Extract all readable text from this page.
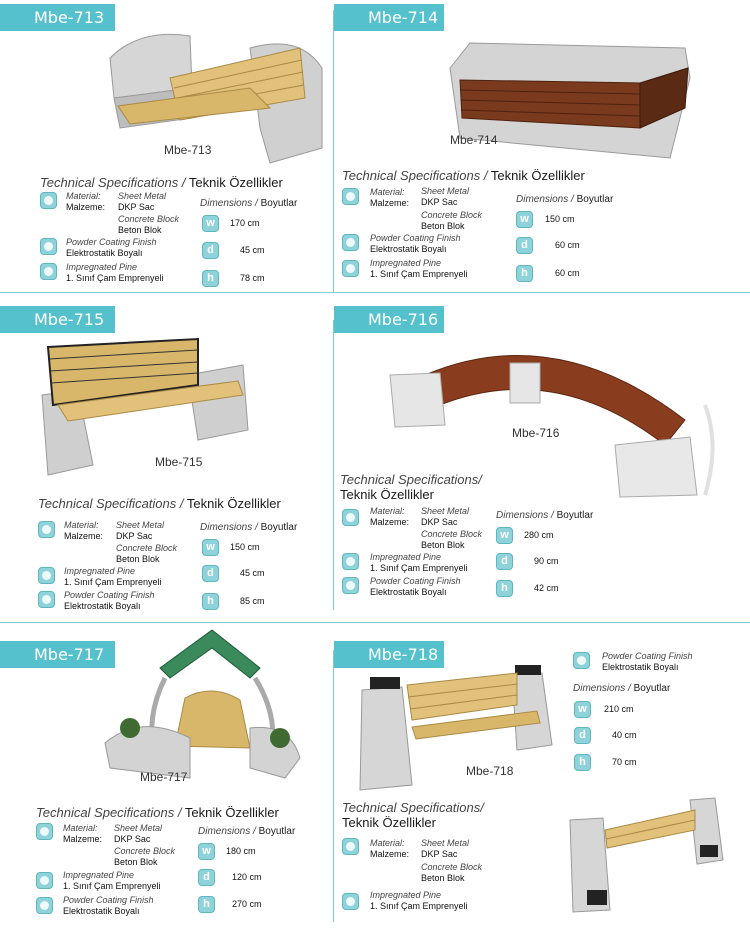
Mbe-713
Mbe-713
Technical Specifications / Teknik Özellikler
Material:
Malzeme:
Sheet Metal
DKP Sac
Concrete Block
Beton Blok
Powder Coating Finish
Elektrostatik Boyalı
Impregnated Pine
1. Sınıf Çam Emprenyeli
Dimensions / Boyutlar
w	170 cm
d	45 cm
h	78 cm
Mbe-714
Mbe-714
Technical Specifications / Teknik Özellikler
Material:
Malzeme:
Sheet Metal
DKP Sac
Concrete Block
Beton Blok
Powder Coating Finish
Elektrostatik Boyalı
Impregnated Pine
1. Sınıf Çam Emprenyeli
Dimensions / Boyutlar
w	150 cm
d	60 cm
h	60 cm
Mbe-715
Mbe-715
Technical Specifications / Teknik Özellikler
Material:
Malzeme:
Sheet Metal
DKP Sac
Concrete Block
Beton Blok
Impregnated Pine
1. Sınıf Çam Emprenyeli
Powder Coating Finish
Elektrostatik Boyalı
Dimensions / Boyutlar
w	150 cm
d	45 cm
h	85 cm
Mbe-716
Mbe-716
Technical Specifications/
Teknik Özellikler
Material:
Malzeme:
Sheet Metal
DKP Sac
Concrete Block
Beton Blok
Impregnated Pine
1. Sınıf Çam Emprenyeli
Powder Coating Finish
Elektrostatik Boyalı
Dimensions / Boyutlar
w	280 cm
d	90 cm
h	42 cm
Mbe-717
Mbe-717
Technical Specifications / Teknik Özellikler
Material:
Malzeme:
Sheet Metal
DKP Sac
Concrete Block
Beton Blok
Impregnated Pine
1. Sınıf Çam Emprenyeli
Powder Coating Finish
Elektrostatik Boyalı
Dimensions / Boyutlar
w	180 cm
d	120 cm
h	270 cm
Mbe-718
Mbe-718
Powder Coating Finish
Elektrostatik Boyalı
Dimensions / Boyutlar
w	210 cm
d	40 cm
h	70 cm
Technical Specifications/
Teknik Özellikler
Material:
Malzeme:
Sheet Metal
DKP Sac
Concrete Block
Beton Blok
Impregnated Pine
1. Sınıf Çam Emprenyeli
